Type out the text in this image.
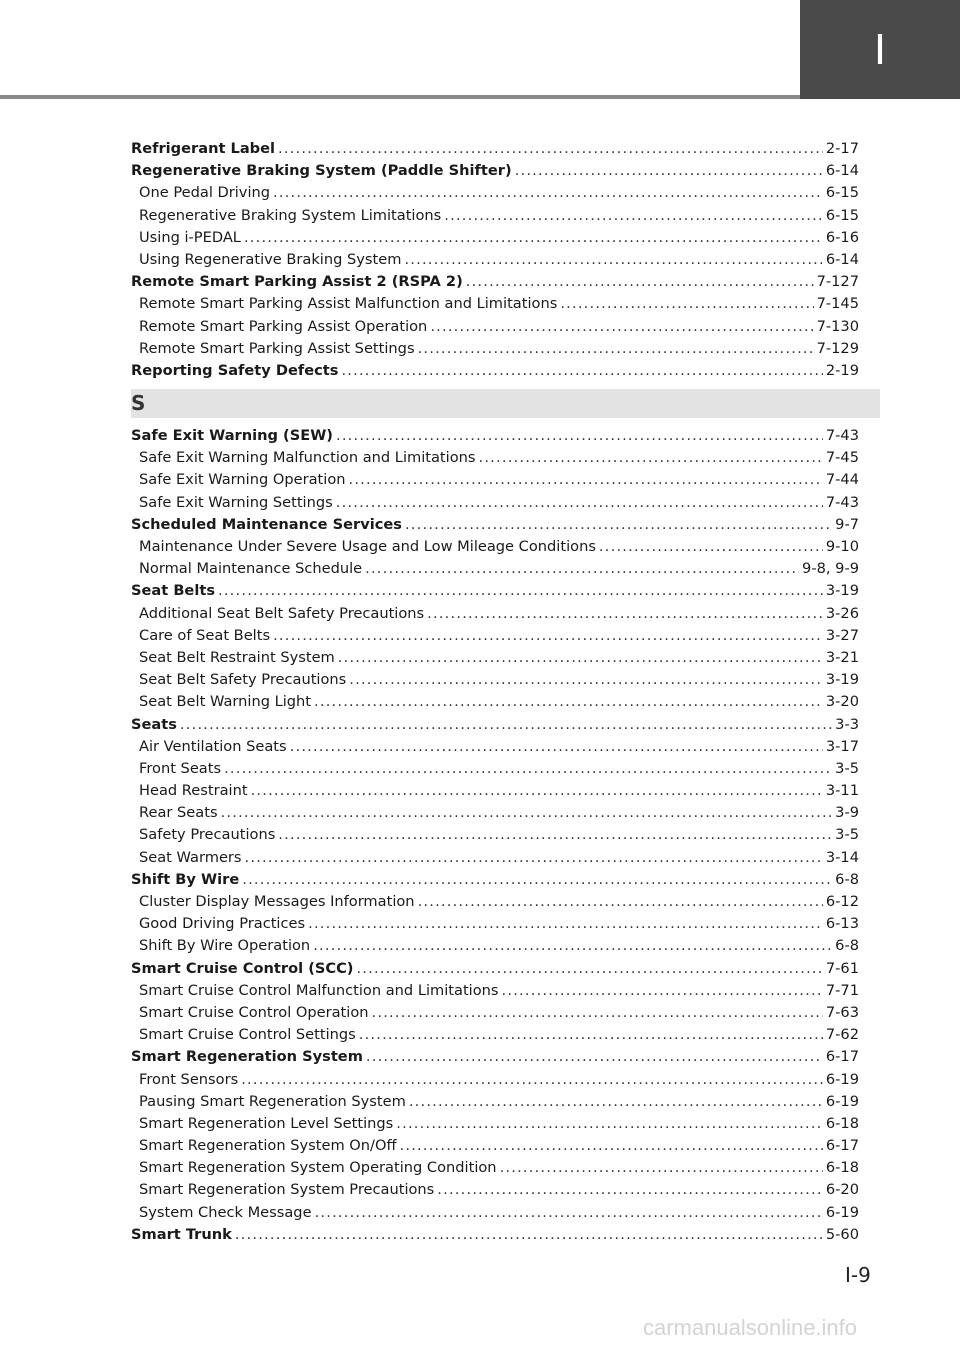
I
Refrigerant Label .....	2-17
Regenerative Braking System (Paddle Shifter) .....	6-14
One Pedal Driving .....	6-15
Regenerative Braking System Limitations .....	6-15
Using i-PEDAL .....	6-16
Using Regenerative Braking System .....	6-14
Remote Smart Parking Assist 2 (RSPA 2) .....	7-127
Remote Smart Parking Assist Malfunction and Limitations .....	7-145
Remote Smart Parking Assist Operation .....	7-130
Remote Smart Parking Assist Settings .....	7-129
Reporting Safety Defects .....	2-19
S
Safe Exit Warning (SEW) .....	7-43
Safe Exit Warning Malfunction and Limitations .....	7-45
Safe Exit Warning Operation .....	7-44
Safe Exit Warning Settings .....	7-43
Scheduled Maintenance Services .....	9-7
Maintenance Under Severe Usage and Low Mileage Conditions .....	9-10
Normal Maintenance Schedule .....	9-8, 9-9
Seat Belts .....	3-19
Additional Seat Belt Safety Precautions .....	3-26
Care of Seat Belts .....	3-27
Seat Belt Restraint System .....	3-21
Seat Belt Safety Precautions .....	3-19
Seat Belt Warning Light .....	3-20
Seats .....	3-3
Air Ventilation Seats .....	3-17
Front Seats .....	3-5
Head Restraint .....	3-11
Rear Seats .....	3-9
Safety Precautions .....	3-5
Seat Warmers .....	3-14
Shift By Wire .....	6-8
Cluster Display Messages Information .....	6-12
Good Driving Practices .....	6-13
Shift By Wire Operation .....	6-8
Smart Cruise Control (SCC) .....	7-61
Smart Cruise Control Malfunction and Limitations .....	7-71
Smart Cruise Control Operation .....	7-63
Smart Cruise Control Settings .....	7-62
Smart Regeneration System .....	6-17
Front Sensors .....	6-19
Pausing Smart Regeneration System .....	6-19
Smart Regeneration Level Settings .....	6-18
Smart Regeneration System On/Off .....	6-17
Smart Regeneration System Operating Condition .....	6-18
Smart Regeneration System Precautions .....	6-20
System Check Message .....	6-19
Smart Trunk .....	5-60
I-9
carmanualsonline.info
